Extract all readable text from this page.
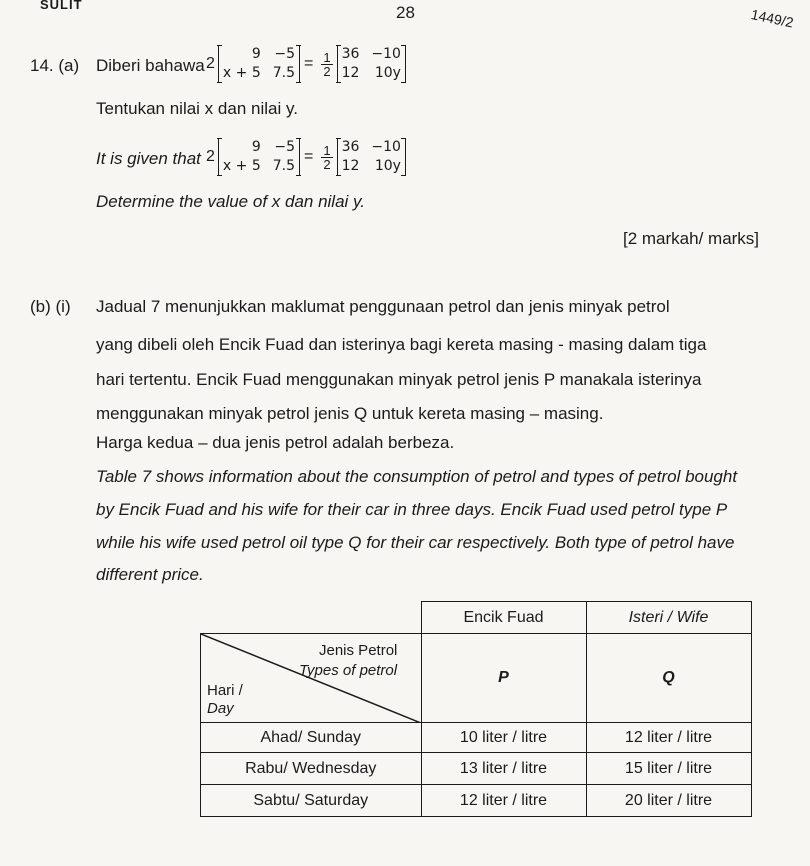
SULIT	28	1449/2
14. (a) Diberi bahawa 2
9 −5
x + 5 7.5
= $\frac{1}{2} 36 -10$
12 10y
Tentukan nilai x dan nilai y.
It is given that 2
9 −5
x + 5 7.5
= $\frac{1}{2} 36 -10$
12 10y
Determine the value of x dan nilai y.
[2 markah/ marks]
(b) (i) Jadual 7 menunjukkan maklumat penggunaan petrol dan jenis minyak petrol
yang dibeli oleh Encik Fuad dan isterinya bagi kereta masing - masing dalam tiga
hari tertentu. Encik Fuad menggunakan minyak petrol jenis P manakala isterinya
menggunakan minyak petrol jenis Q untuk kereta masing – masing.
Harga kedua – dua jenis petrol adalah berbeza.
Table 7 shows information about the consumption of petrol and types of petrol bought
by Encik Fuad and his wife for their car in three days. Encik Fuad used petrol type P
while his wife used petrol oil type Q for their car respectively. Both type of petrol have
different price.
	Encik Fuad	Isteri / Wife

Jenis Petrol
Types of petrol
Hari /
Day	P	Q
Ahad/ Sunday	10 liter / litre	12 liter / litre
Rabu/ Wednesday	13 liter / litre	15 liter / litre
Sabtu/ Saturday	12 liter / litre	20 liter / litre
